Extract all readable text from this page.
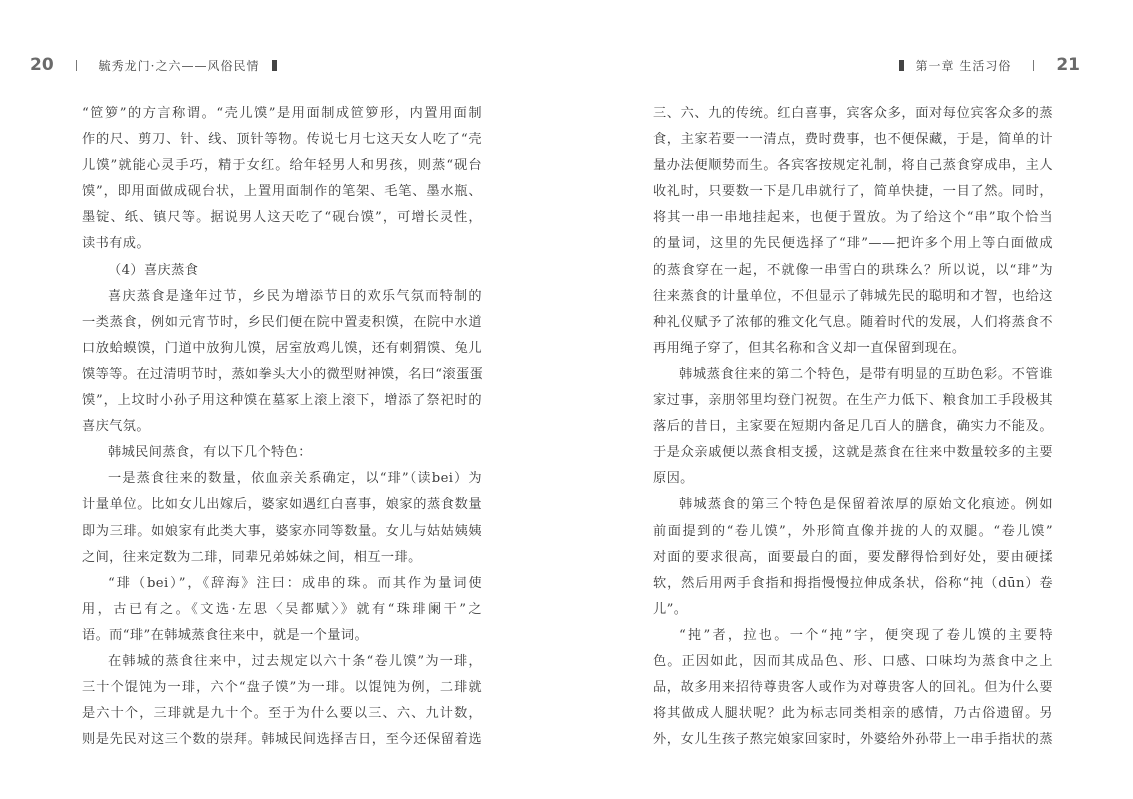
20	毓秀龙门·之六——风俗民情
“笸箩”的方言称谓。“壳儿馍”是用面制成笸箩形，内置用面制
作的尺、剪刀、针、线、顶针等物。传说七月七这天女人吃了“壳
儿馍”就能心灵手巧，精于女红。给年轻男人和男孩，则蒸“砚台
馍”，即用面做成砚台状，上置用面制作的笔架、毛笔、墨水瓶、
墨锭、纸、镇尺等。据说男人这天吃了“砚台馍”，可增长灵性，
读书有成。
（4）喜庆蒸食
喜庆蒸食是逢年过节，乡民为增添节日的欢乐气氛而特制的
一类蒸食，例如元宵节时，乡民们便在院中置麦积馍，在院中水道
口放蛤蟆馍，门道中放狗儿馍，居室放鸡儿馍，还有刺猬馍、兔儿
馍等等。在过清明节时，蒸如拳头大小的微型财神馍，名曰“滚蛋蛋
馍”，上坟时小孙子用这种馍在墓冢上滚上滚下，增添了祭祀时的
喜庆气氛。
韩城民间蒸食，有以下几个特色：
一是蒸食往来的数量，依血亲关系确定，以“琲”（读bei）为
计量单位。比如女儿出嫁后，婆家如遇红白喜事，娘家的蒸食数量
即为三琲。如娘家有此类大事，婆家亦同等数量。女儿与姑姑姨姨
之间，往来定数为二琲，同辈兄弟姊妹之间，相互一琲。
“琲（bei）”，《辞海》注曰：成串的珠。而其作为量词使
用，古已有之。《文选·左思〈吴都赋〉》就有“珠琲阑干”之
语。而“琲”在韩城蒸食往来中，就是一个量词。
在韩城的蒸食往来中，过去规定以六十条“卷儿馍”为一琲，
三十个馄饨为一琲，六个“盘子馍”为一琲。以馄饨为例，二琲就
是六十个，三琲就是九十个。至于为什么要以三、六、九计数，
则是先民对这三个数的崇拜。韩城民间选择吉日，至今还保留着选
第一章 生活习俗	21
三、六、九的传统。红白喜事，宾客众多，面对每位宾客众多的蒸
食，主家若要一一清点，费时费事，也不便保藏，于是，简单的计
量办法便顺势而生。各宾客按规定礼制，将自己蒸食穿成串，主人
收礼时，只要数一下是几串就行了，简单快捷，一目了然。同时，
将其一串一串地挂起来，也便于置放。为了给这个“串”取个恰当
的量词，这里的先民便选择了“琲”——把许多个用上等白面做成
的蒸食穿在一起，不就像一串雪白的珙珠么？所以说，以“琲”为
往来蒸食的计量单位，不但显示了韩城先民的聪明和才智，也给这
种礼仪赋予了浓郁的雅文化气息。随着时代的发展，人们将蒸食不
再用绳子穿了，但其名称和含义却一直保留到现在。
韩城蒸食往来的第二个特色，是带有明显的互助色彩。不管谁
家过事，亲朋邻里均登门祝贺。在生产力低下、粮食加工手段极其
落后的昔日，主家要在短期内备足几百人的膳食，确实力不能及。
于是众亲戚便以蒸食相支援，这就是蒸食在往来中数量较多的主要
原因。
韩城蒸食的第三个特色是保留着浓厚的原始文化痕迹。例如
前面提到的“卷儿馍”，外形简直像并拢的人的双腿。“卷儿馍”
对面的要求很高，面要最白的面，要发酵得恰到好处，要由硬揉
软，然后用两手食指和拇指慢慢拉伸成条状，俗称“扽（dūn）卷
儿”。
“扽”者，拉也。一个“扽”字，便突现了卷儿馍的主要特
色。正因如此，因而其成品色、形、口感、口味均为蒸食中之上
品，故多用来招待尊贵客人或作为对尊贵客人的回礼。但为什么要
将其做成人腿状呢？此为标志同类相亲的感情，乃古俗遗留。另
外，女儿生孩子熬完娘家回家时，外婆给外孙带上一串手指状的蒸
